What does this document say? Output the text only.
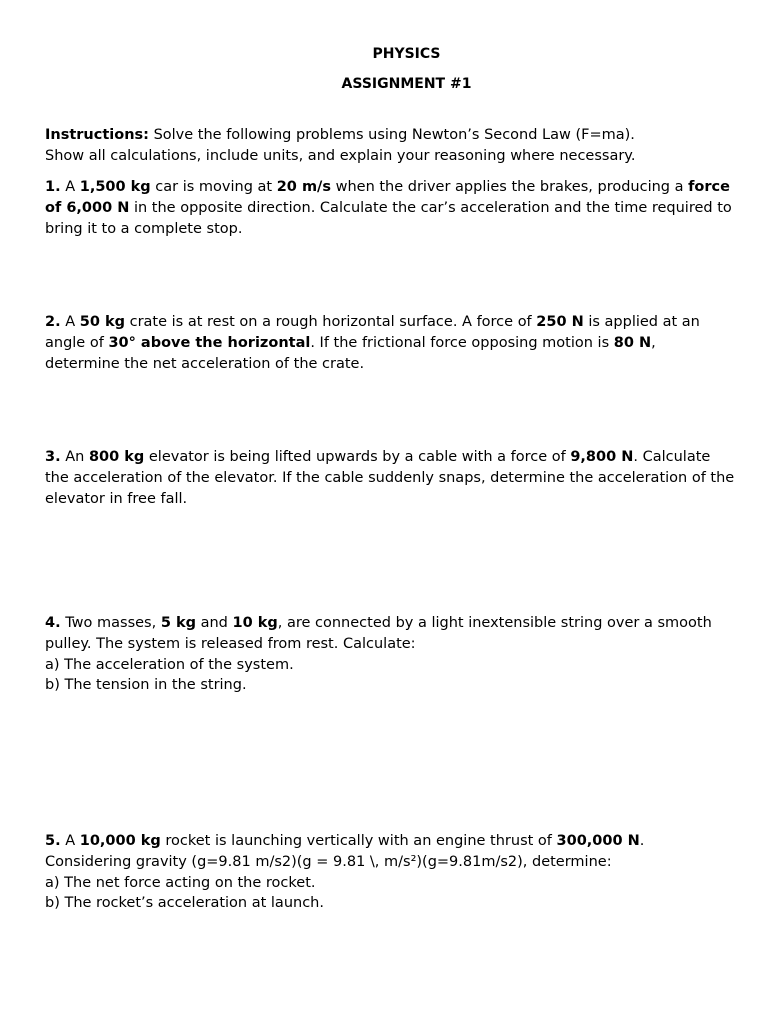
PHYSICS
ASSIGNMENT #1
Instructions: Solve the following problems using Newton’s Second Law (F=ma).
Show all calculations, include units, and explain your reasoning where necessary.
1. A 1,500 kg car is moving at 20 m/s when the driver applies the brakes, producing a force of 6,000 N in the opposite direction. Calculate the car’s acceleration and the time required to bring it to a complete stop.
2. A 50 kg crate is at rest on a rough horizontal surface. A force of 250 N is applied at an angle of 30° above the horizontal. If the frictional force opposing motion is 80 N, determine the net acceleration of the crate.
3. An 800 kg elevator is being lifted upwards by a cable with a force of 9,800 N. Calculate the acceleration of the elevator. If the cable suddenly snaps, determine the acceleration of the elevator in free fall.
4. Two masses, 5 kg and 10 kg, are connected by a light inextensible string over a smooth pulley. The system is released from rest. Calculate:
a) The acceleration of the system.
b) The tension in the string.
5. A 10,000 kg rocket is launching vertically with an engine thrust of 300,000 N.
Considering gravity (g=9.81 m/s2)(g = 9.81 \, m/s²)(g=9.81m/s2), determine:
a) The net force acting on the rocket.
b) The rocket’s acceleration at launch.
